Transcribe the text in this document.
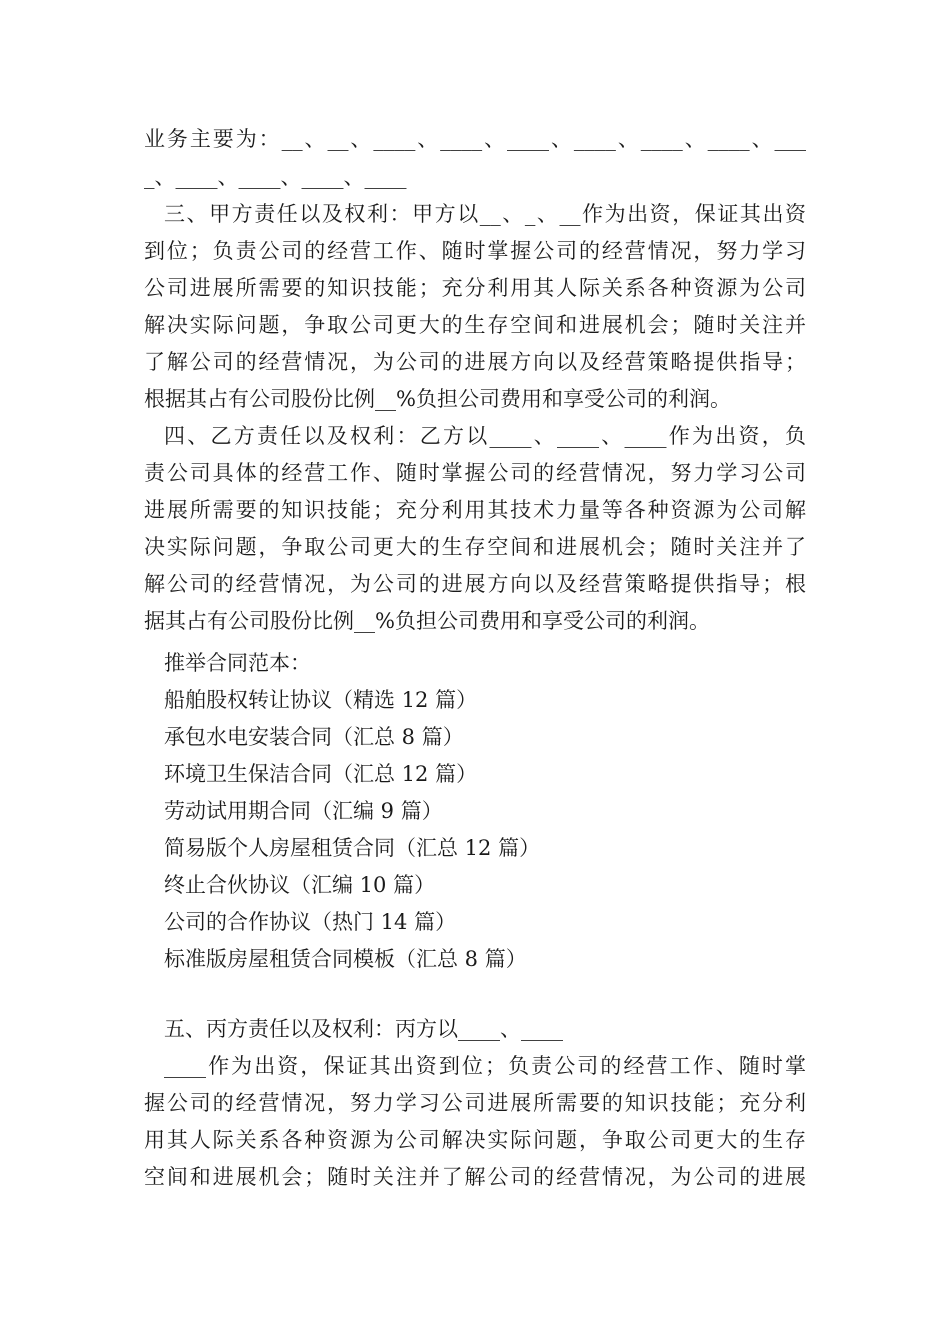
业务主要为：__、__、____、____、____、____、____、____、___
_、____、____、____、____
三、甲方责任以及权利：甲方以__、_、__作为出资，保证其出资
到位；负责公司的经营工作、随时掌握公司的经营情况，努力学习
公司进展所需要的知识技能；充分利用其人际关系各种资源为公司
解决实际问题，争取公司更大的生存空间和进展机会；随时关注并
了解公司的经营情况，为公司的进展方向以及经营策略提供指导；
根据其占有公司股份比例__%负担公司费用和享受公司的利润。
四、乙方责任以及权利：乙方以____、____、____作为出资，负
责公司具体的经营工作、随时掌握公司的经营情况，努力学习公司
进展所需要的知识技能；充分利用其技术力量等各种资源为公司解
决实际问题，争取公司更大的生存空间和进展机会；随时关注并了
解公司的经营情况，为公司的进展方向以及经营策略提供指导；根
据其占有公司股份比例__%负担公司费用和享受公司的利润。
推举合同范本：
船舶股权转让协议（精选 12 篇）
承包水电安装合同（汇总 8 篇）
环境卫生保洁合同（汇总 12 篇）
劳动试用期合同（汇编 9 篇）
简易版个人房屋租赁合同（汇总 12 篇）
终止合伙协议（汇编 10 篇）
公司的合作协议（热门 14 篇）
标准版房屋租赁合同模板（汇总 8 篇）
五、丙方责任以及权利：丙方以____、____
____作为出资，保证其出资到位；负责公司的经营工作、随时掌
握公司的经营情况，努力学习公司进展所需要的知识技能；充分利
用其人际关系各种资源为公司解决实际问题，争取公司更大的生存
空间和进展机会；随时关注并了解公司的经营情况，为公司的进展
